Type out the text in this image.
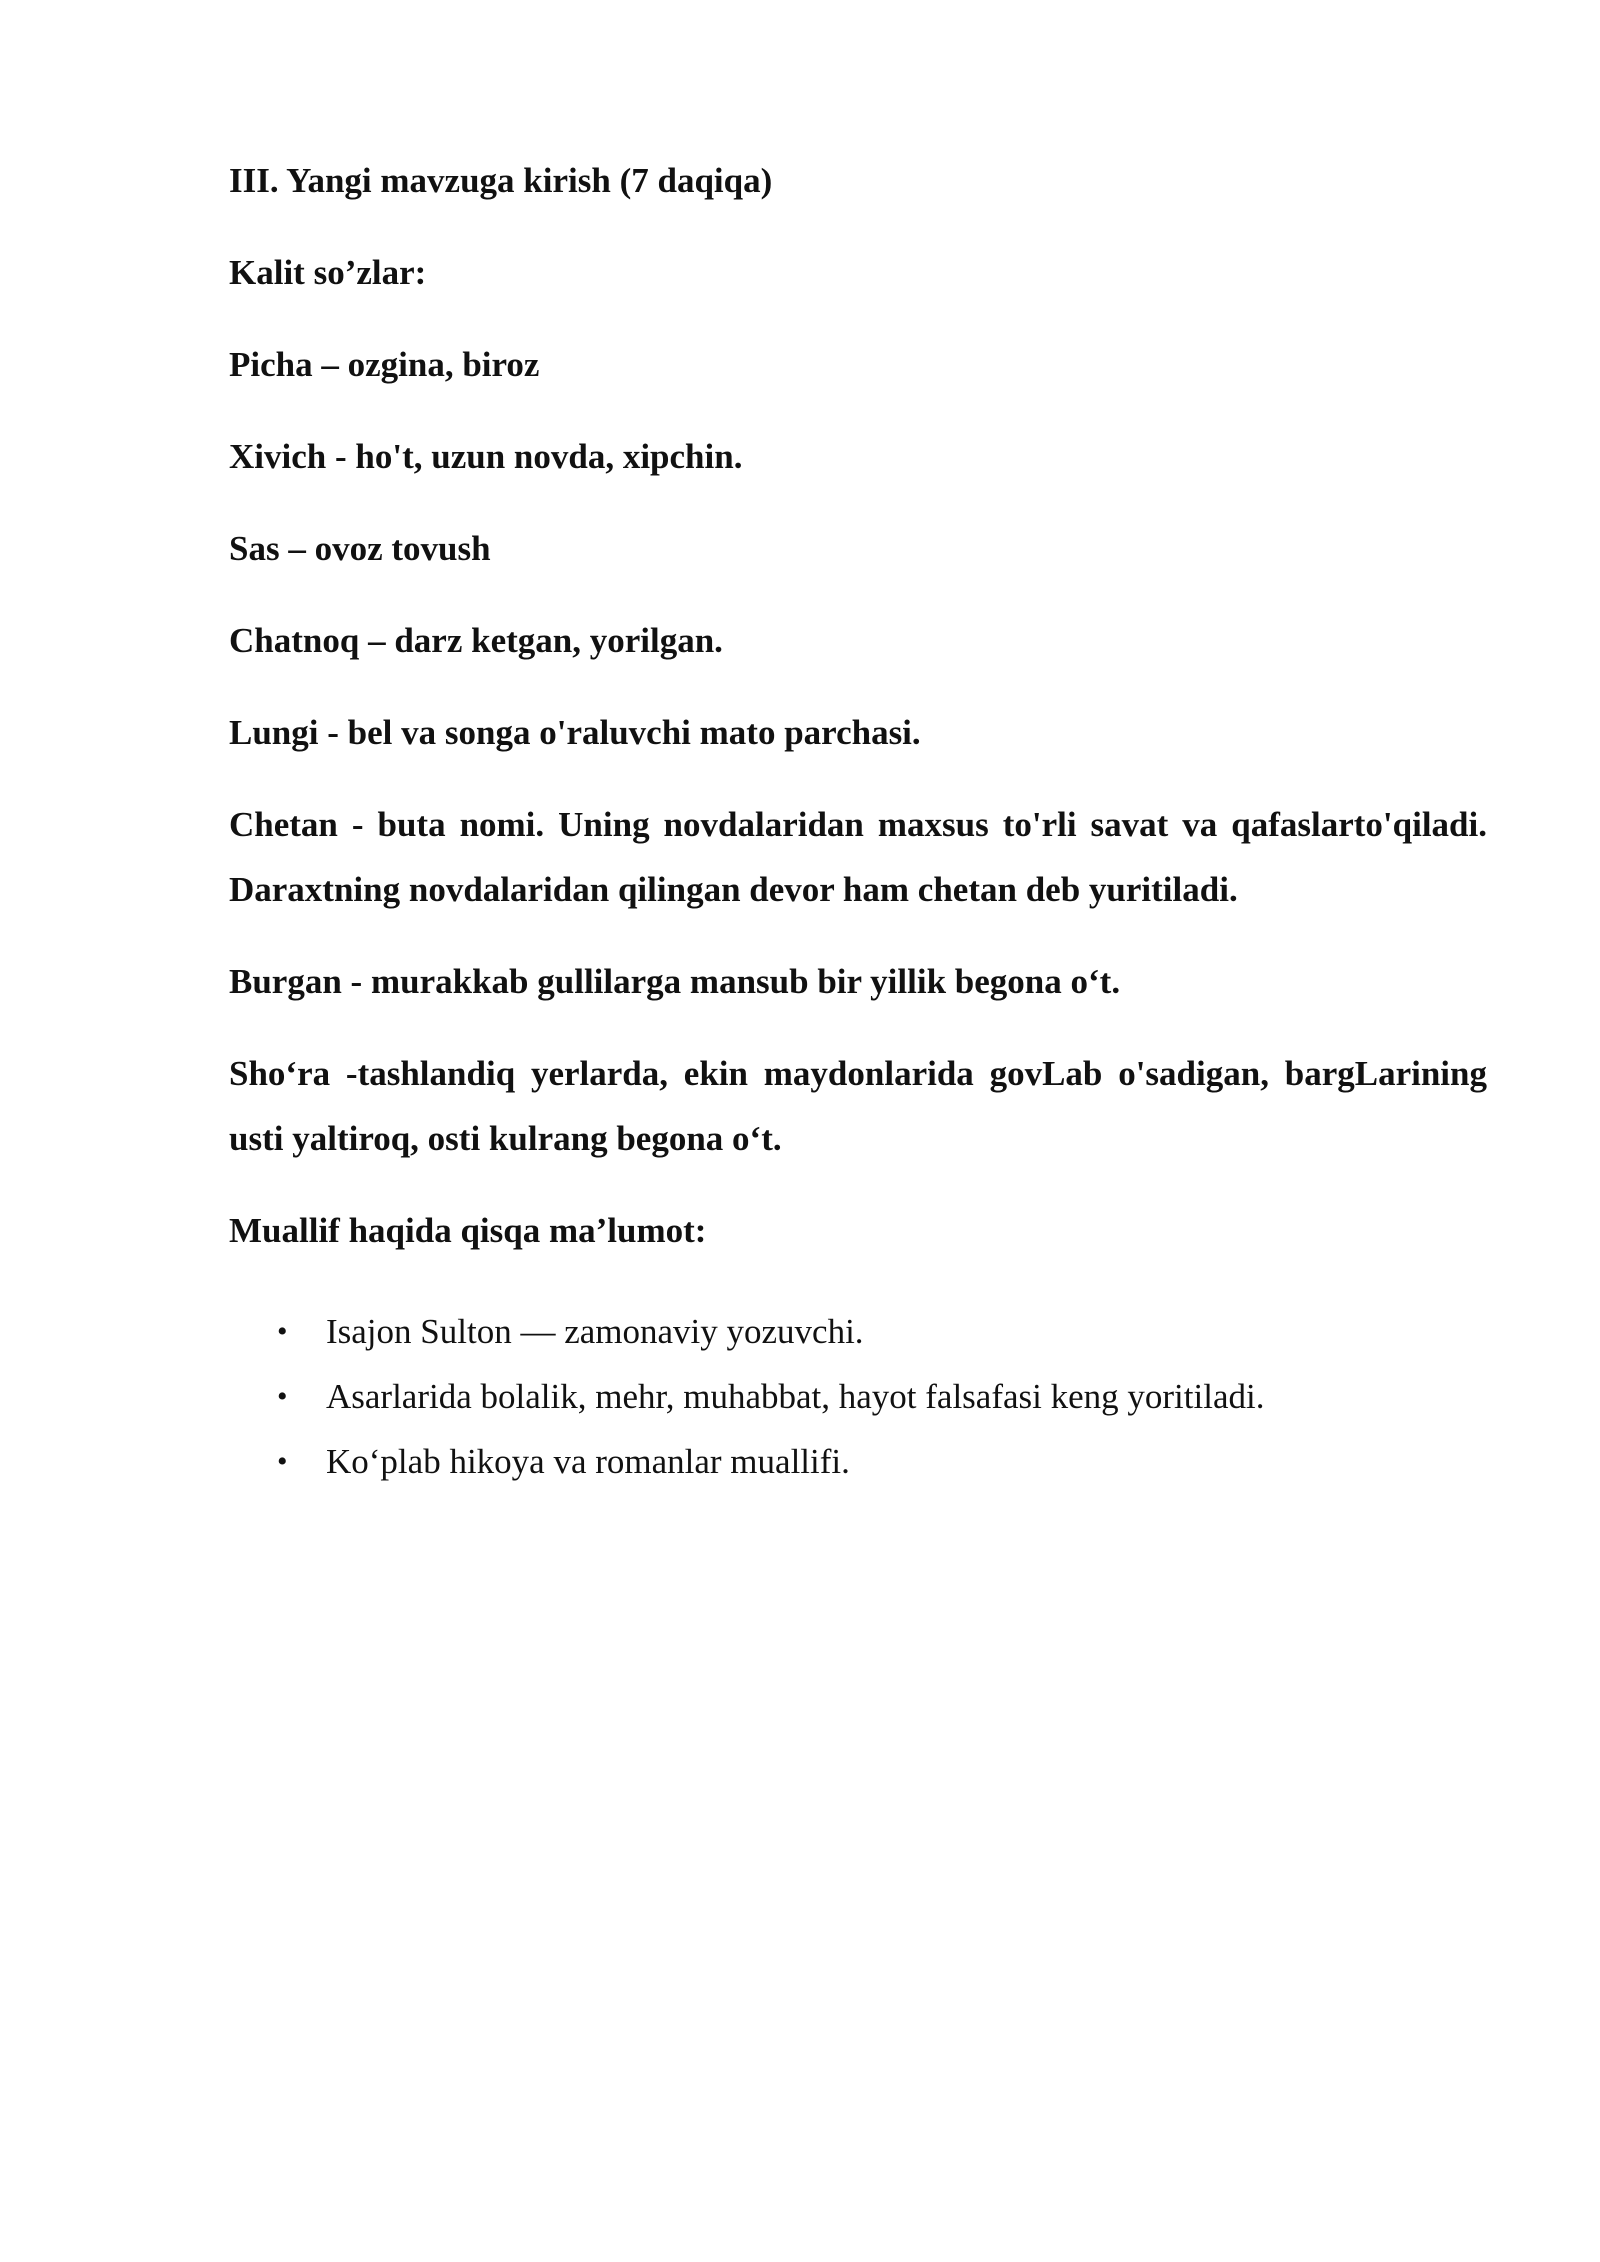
III. Yangi mavzuga kirish (7 daqiqa)

Kalit so’zlar:

Picha – ozgina, biroz

Xivich - ho't, uzun novda, xipchin.

Sas – ovoz tovush

Chatnoq – darz ketgan, yorilgan.

Lungi - bel va songa o'raluvchi mato parchasi.

Chetan - buta nomi. Uning novdalaridan maxsus to'rli savat va qafaslarto'qiladi. Daraxtning novdalaridan qilingan devor ham chetan deb yuritiladi.

Burgan - murakkab gullilarga mansub bir yillik begona o‘t.

Sho‘ra -tashlandiq yerlarda, ekin maydonlarida govLab o'sadigan, bargLarining usti yaltiroq, osti kulrang begona o‘t.

Muallif haqida qisqa ma’lumot:

• Isajon Sulton — zamonaviy yozuvchi.
• Asarlarida bolalik, mehr, muhabbat, hayot falsafasi keng yoritiladi.
• Ko‘plab hikoya va romanlar muallifi.
